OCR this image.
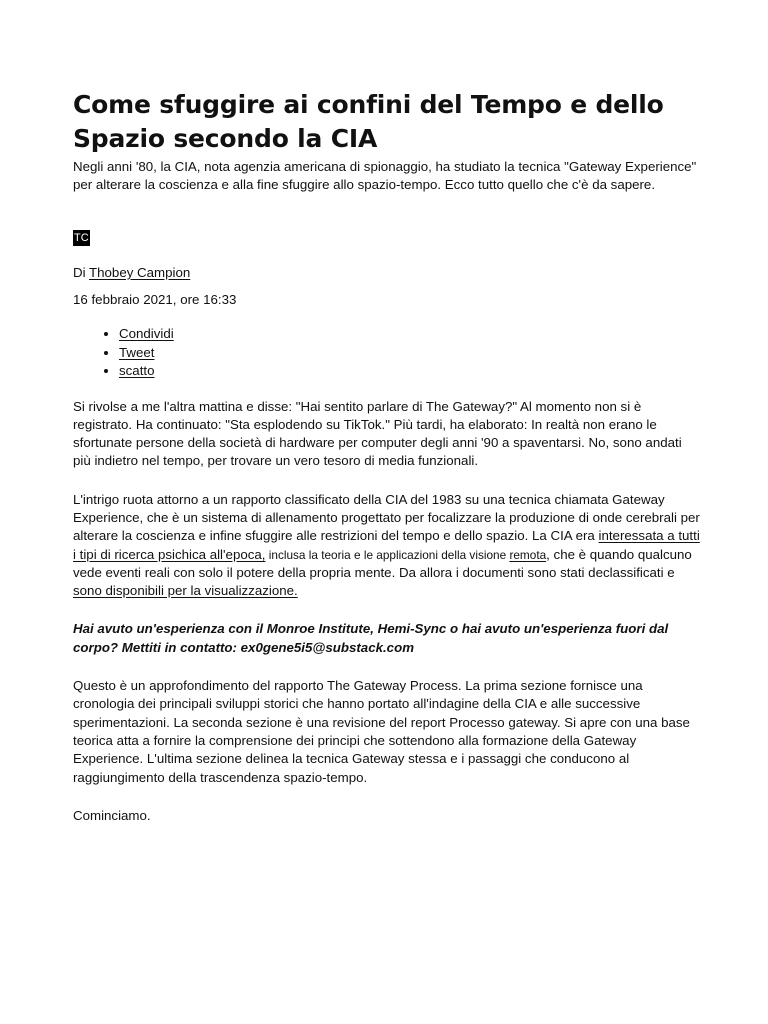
Come sfuggire ai confini del Tempo e dello Spazio secondo la CIA

Negli anni '80, la CIA, nota agenzia americana di spionaggio, ha studiato la tecnica "Gateway Experience" per alterare la coscienza e alla fine sfuggire allo spazio-tempo. Ecco tutto quello che c'è da sapere.

TC
Di Thobey Campion
16 febbraio 2021, ore 16:33
• Condividi
• Tweet
• scatto

Si rivolse a me l'altra mattina e disse: "Hai sentito parlare di The Gateway?" Al momento non si è registrato. Ha continuato: "Sta esplodendo su TikTok." Più tardi, ha elaborato: In realtà non erano le sfortunate persone della società di hardware per computer degli anni '90 a spaventarsi. No, sono andati più indietro nel tempo, per trovare un vero tesoro di media funzionali.

L'intrigo ruota attorno a un rapporto classificato della CIA del 1983 su una tecnica chiamata Gateway Experience, che è un sistema di allenamento progettato per focalizzare la produzione di onde cerebrali per alterare la coscienza e infine sfuggire alle restrizioni del tempo e dello spazio. La CIA era interessata a tutti i tipi di ricerca psichica all'epoca, inclusa la teoria e le applicazioni della visione remota, che è quando qualcuno vede eventi reali con solo il potere della propria mente. Da allora i documenti sono stati declassificati e sono disponibili per la visualizzazione.

Hai avuto un'esperienza con il Monroe Institute, Hemi-Sync o hai avuto un'esperienza fuori dal corpo? Mettiti in contatto: ex0gene5i5@substack.com

Questo è un approfondimento del rapporto The Gateway Process. La prima sezione fornisce una cronologia dei principali sviluppi storici che hanno portato all'indagine della CIA e alle successive sperimentazioni. La seconda sezione è una revisione del report Processo gateway. Si apre con una base teorica atta a fornire la comprensione dei principi che sottendono alla formazione della Gateway Experience. L'ultima sezione delinea la tecnica Gateway stessa e i passaggi che conducono al raggiungimento della trascendenza spazio-tempo.

Cominciamo.
